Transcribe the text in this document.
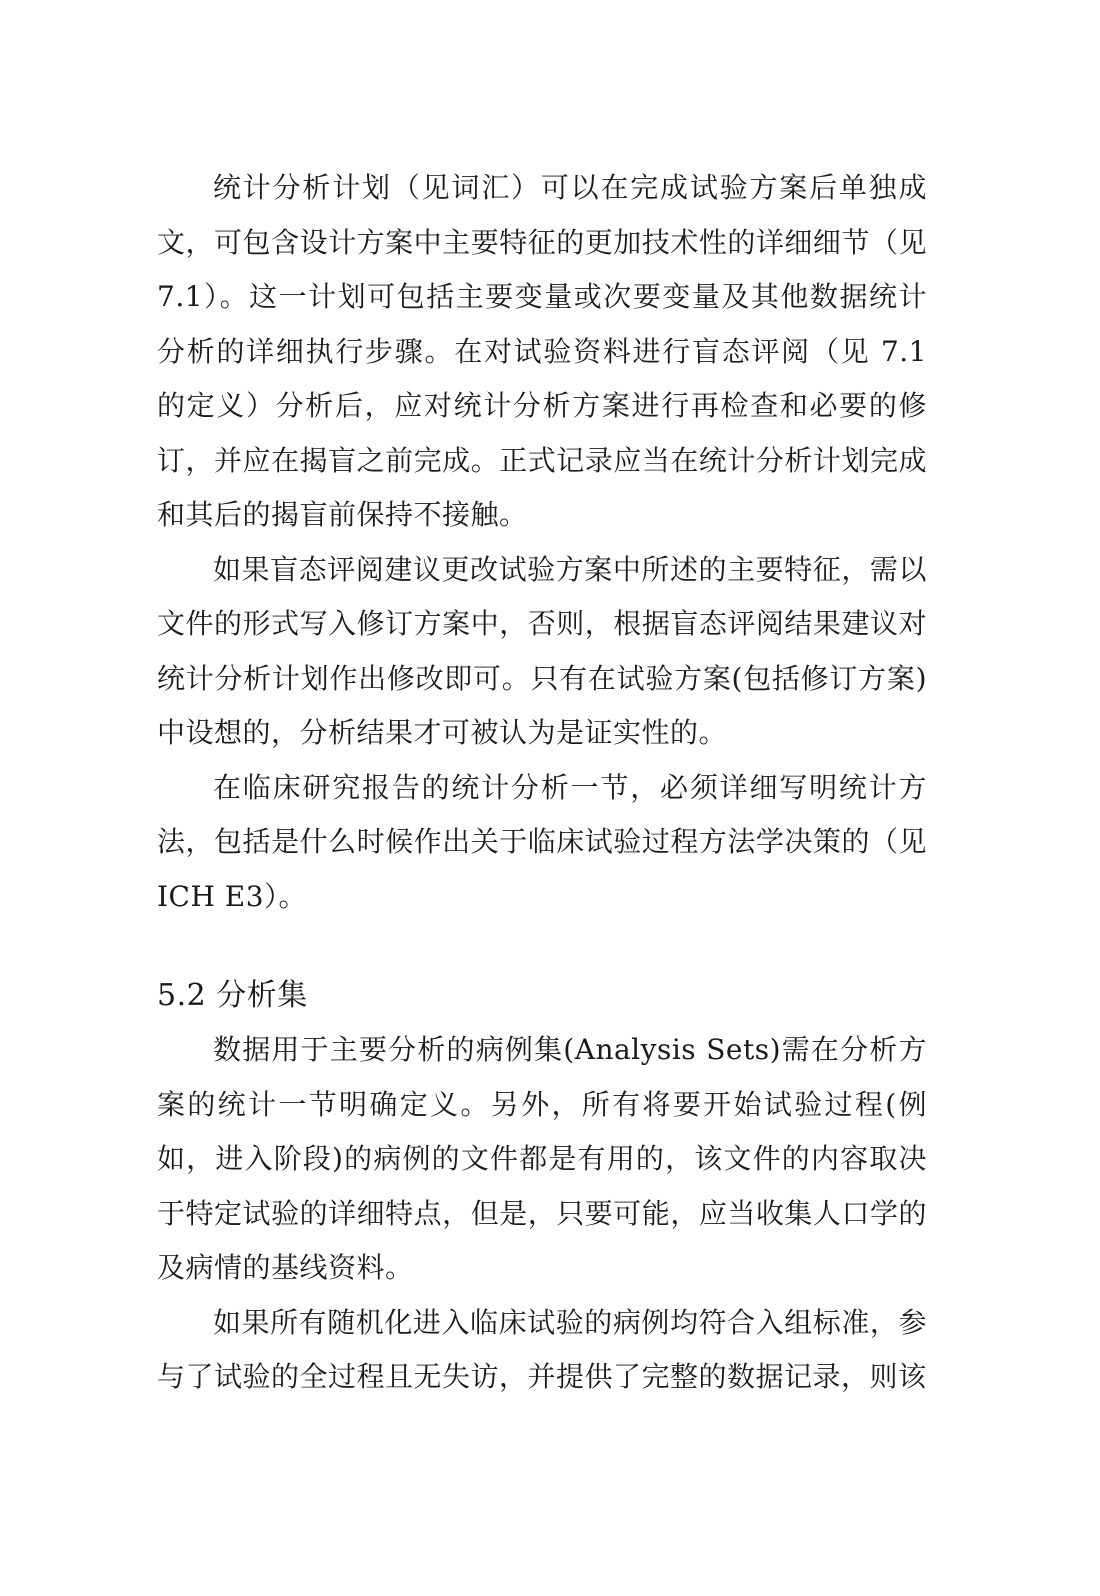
统计分析计划（见词汇）可以在完成试验方案后单独成文，可包含设计方案中主要特征的更加技术性的详细细节（见 7.1）。这一计划可包括主要变量或次要变量及其他数据统计分析的详细执行步骤。在对试验资料进行盲态评阅（见 7.1 的定义）分析后，应对统计分析方案进行再检查和必要的修订，并应在揭盲之前完成。正式记录应当在统计分析计划完成和其后的揭盲前保持不接触。

如果盲态评阅建议更改试验方案中所述的主要特征，需以文件的形式写入修订方案中，否则，根据盲态评阅结果建议对统计分析计划作出修改即可。只有在试验方案(包括修订方案)中设想的，分析结果才可被认为是证实性的。

在临床研究报告的统计分析一节，必须详细写明统计方法，包括是什么时候作出关于临床试验过程方法学决策的（见 ICH E3）。

5.2 分析集

数据用于主要分析的病例集(Analysis Sets)需在分析方案的统计一节明确定义。另外，所有将要开始试验过程(例如，进入阶段)的病例的文件都是有用的，该文件的内容取决于特定试验的详细特点，但是，只要可能，应当收集人口学的及病情的基线资料。

如果所有随机化进入临床试验的病例均符合入组标准，参与了试验的全过程且无失访，并提供了完整的数据记录，则该
